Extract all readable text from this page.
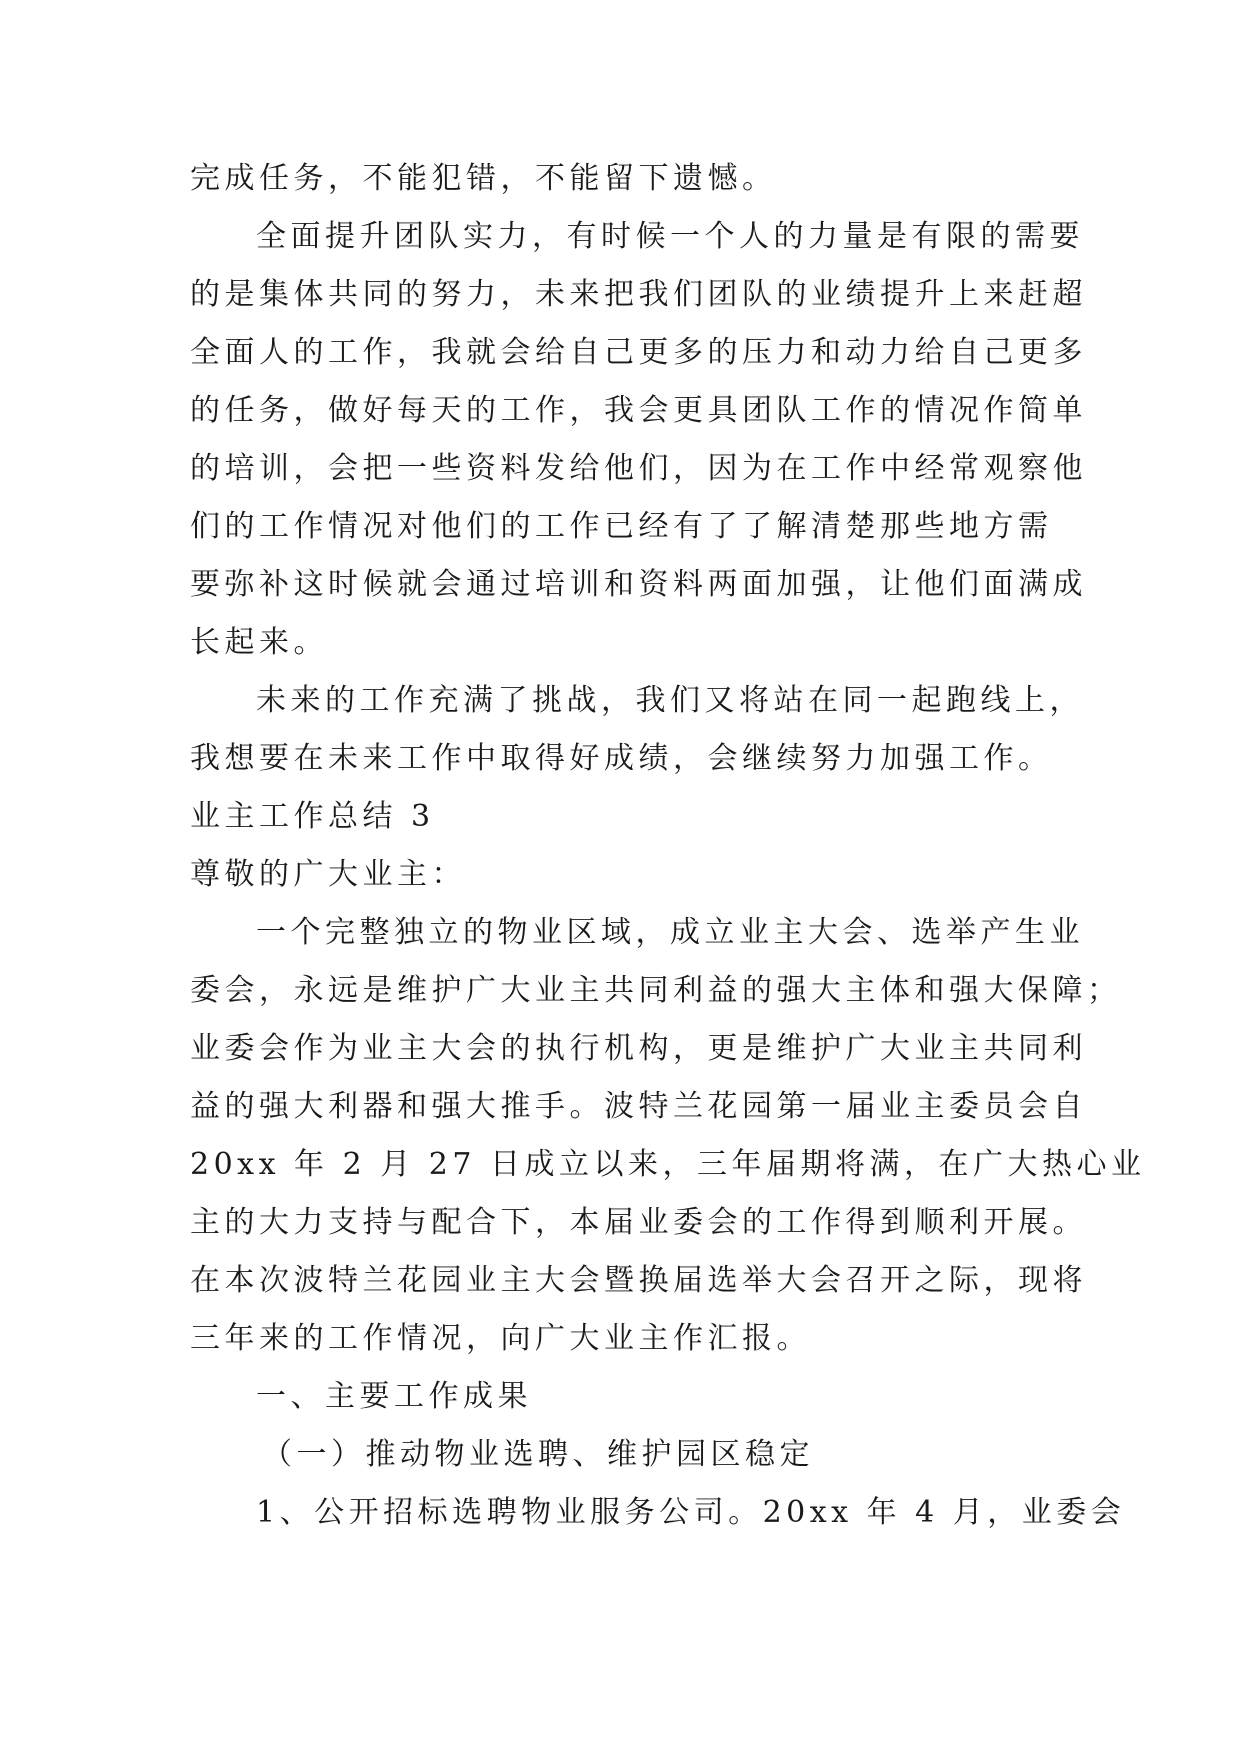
完成任务，不能犯错，不能留下遗憾。
全面提升团队实力，有时候一个人的力量是有限的需要
的是集体共同的努力，未来把我们团队的业绩提升上来赶超
全面人的工作，我就会给自己更多的压力和动力给自己更多
的任务，做好每天的工作，我会更具团队工作的情况作简单
的培训，会把一些资料发给他们，因为在工作中经常观察他
们的工作情况对他们的工作已经有了了解清楚那些地方需
要弥补这时候就会通过培训和资料两面加强，让他们面满成
长起来。
未来的工作充满了挑战，我们又将站在同一起跑线上，
我想要在未来工作中取得好成绩，会继续努力加强工作。
业主工作总结 3
尊敬的广大业主：
一个完整独立的物业区域，成立业主大会、选举产生业
委会，永远是维护广大业主共同利益的强大主体和强大保障；
业委会作为业主大会的执行机构，更是维护广大业主共同利
益的强大利器和强大推手。波特兰花园第一届业主委员会自
20xx 年 2 月 27 日成立以来，三年届期将满，在广大热心业
主的大力支持与配合下，本届业委会的工作得到顺利开展。
在本次波特兰花园业主大会暨换届选举大会召开之际，现将
三年来的工作情况，向广大业主作汇报。
一、主要工作成果
（一）推动物业选聘、维护园区稳定
1、公开招标选聘物业服务公司。20xx 年 4 月，业委会
